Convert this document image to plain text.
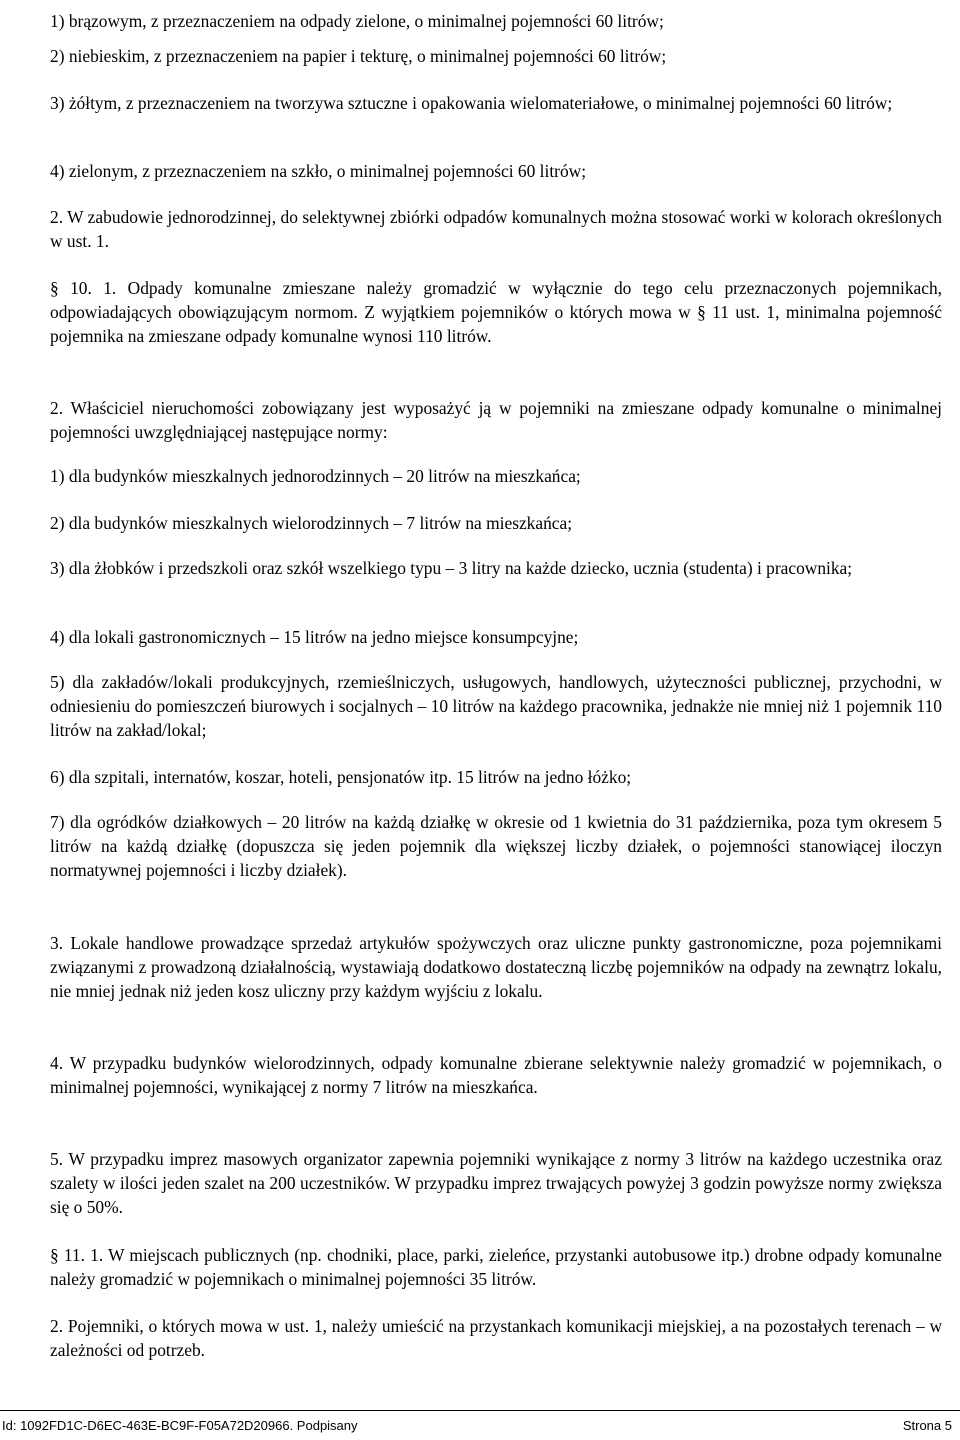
1) brązowym, z przeznaczeniem na odpady zielone, o minimalnej pojemności 60 litrów;

2) niebieskim, z przeznaczeniem na papier i tekturę, o minimalnej pojemności 60 litrów;

3) żółtym, z przeznaczeniem na tworzywa sztuczne i opakowania wielomateriałowe, o minimalnej pojemności 60 litrów;

4) zielonym, z przeznaczeniem na szkło, o minimalnej pojemności 60 litrów;

2. W zabudowie jednorodzinnej, do selektywnej zbiórki odpadów komunalnych można stosować worki w kolorach określonych w ust. 1.

§ 10. 1. Odpady komunalne zmieszane należy gromadzić w wyłącznie do tego celu przeznaczonych pojemnikach, odpowiadających obowiązującym normom. Z wyjątkiem pojemników o których mowa w § 11 ust. 1, minimalna pojemność pojemnika na zmieszane odpady komunalne wynosi 110 litrów.

2. Właściciel nieruchomości zobowiązany jest wyposażyć ją w pojemniki na zmieszane odpady komunalne o minimalnej pojemności uwzględniającej następujące normy:

1) dla budynków mieszkalnych jednorodzinnych – 20 litrów na mieszkańca;

2) dla budynków mieszkalnych wielorodzinnych – 7 litrów na mieszkańca;

3) dla żłobków i przedszkoli oraz szkół wszelkiego typu – 3 litry na każde dziecko, ucznia (studenta) i pracownika;

4) dla lokali gastronomicznych – 15 litrów na jedno miejsce konsumpcyjne;

5) dla zakładów/lokali produkcyjnych, rzemieślniczych, usługowych, handlowych, użyteczności publicznej, przychodni, w odniesieniu do pomieszczeń biurowych i socjalnych – 10 litrów na każdego pracownika, jednakże nie mniej niż 1 pojemnik 110 litrów na zakład/lokal;

6) dla szpitali, internatów, koszar, hoteli, pensjonatów itp. 15 litrów na jedno łóżko;

7) dla ogródków działkowych – 20 litrów na każdą działkę w okresie od 1 kwietnia do 31 października, poza tym okresem 5 litrów na każdą działkę (dopuszcza się jeden pojemnik dla większej liczby działek, o pojemności stanowiącej iloczyn normatywnej pojemności i liczby działek).

3. Lokale handlowe prowadzące sprzedaż artykułów spożywczych oraz uliczne punkty gastronomiczne, poza pojemnikami związanymi z prowadzoną działalnością, wystawiają dodatkowo dostateczną liczbę pojemników na odpady na zewnątrz lokalu, nie mniej jednak niż jeden kosz uliczny przy każdym wyjściu z lokalu.

4. W przypadku budynków wielorodzinnych, odpady komunalne zbierane selektywnie należy gromadzić w pojemnikach, o minimalnej pojemności, wynikającej z normy 7 litrów na mieszkańca.

5. W przypadku imprez masowych organizator zapewnia pojemniki wynikające z normy 3 litrów na każdego uczestnika oraz szalety w ilości jeden szalet na 200 uczestników. W przypadku imprez trwających powyżej 3 godzin powyższe normy zwiększa się o 50%.

§ 11. 1. W miejscach publicznych (np. chodniki, place, parki, zieleńce, przystanki autobusowe itp.) drobne odpady komunalne należy gromadzić w pojemnikach o minimalnej pojemności 35 litrów.

2. Pojemniki, o których mowa w ust. 1, należy umieścić na przystankach komunikacji miejskiej, a na pozostałych terenach – w zależności od potrzeb.

Id: 1092FD1C-D6EC-463E-BC9F-F05A72D20966. Podpisany	Strona 5
